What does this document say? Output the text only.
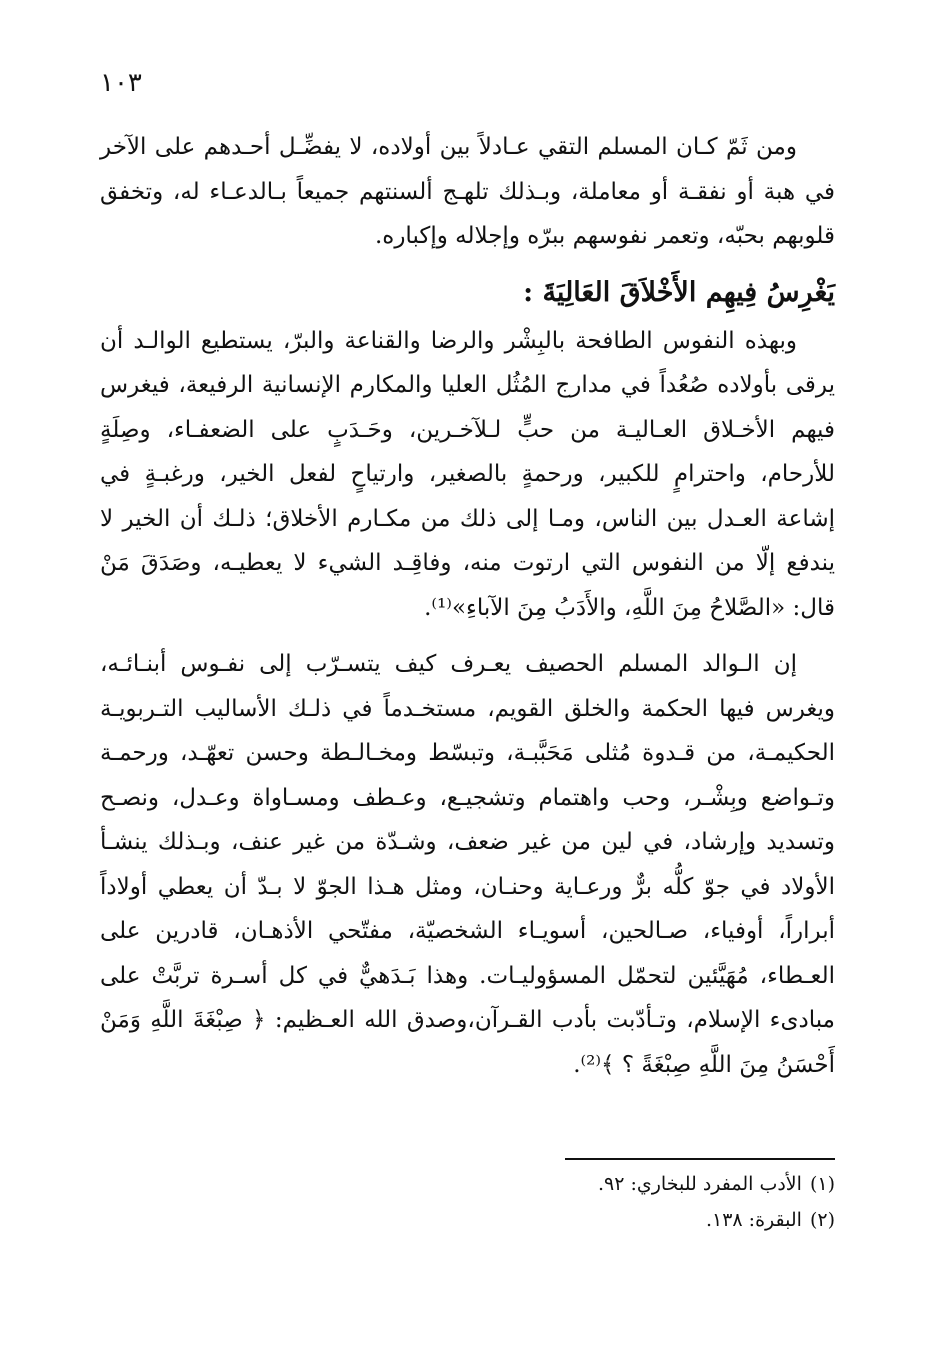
١٠٣

ومن ثَمّ كـان المسلم التقي عـادلاً بين أولاده، لا يفضِّـل أحـدهم على الآخر في هبة أو نفقـة أو معاملة، وبـذلك تلهـج ألسنتهم جميعاً بـالدعـاء له، وتخفق قلوبهم بحبّه، وتعمر نفوسهم ببرّه وإجلاله وإكباره.

يَغْرِسُ فِيهِم الأَخْلاَقَ العَالِيَةَ :

وبهذه النفوس الطافحة بالبِشْر والرضا والقناعة والبرّ، يستطيع الوالـد أن يرقى بأولاده صُعُداً في مدارج المُثُل العليا والمكارم الإنسانية الرفيعة، فيغرس فيهم الأخـلاق العـاليـة من حبٍّ لـلآخـرين، وحَـدَبٍ على الضعفـاء، وصِلَةٍ للأرحام، واحترامٍ للكبير، ورحمةٍ بالصغير، وارتياحٍ لفعل الخير، ورغبـةٍ في إشاعة العـدل بين الناس، ومـا إلى ذلك من مكـارم الأخلاق؛ ذلـك أن الخير لا يندفع إلّا من النفوس التي ارتوت منه، وفاقِـد الشيء لا يعطيـه، وصَدَقَ مَنْ قال: «الصَّلاحُ مِنَ اللَّهِ، والأَدَبُ مِنَ الآباءِ»⁽¹⁾.

إن الـوالد المسلم الحصيف يعـرف كيف يتسـرّب إلى نفـوس أبنـائـه، ويغرس فيها الحكمة والخلق القويم، مستخـدماً في ذلـك الأساليب التـربويـة الحكيمـة، من قـدوة مُثلى مَحَبَّبـة، وتبسّط ومخـالـطة وحسن تعهّـد، ورحمـة وتـواضع وبِشْـر، وحب واهتمام وتشجيـع، وعـطف ومسـاواة وعـدل، ونصـح وتسديد وإرشاد، في لين من غير ضعف، وشـدّة من غير عنف، وبـذلك ينشـأ الأولاد في جوّ كلُّه برٌّ ورعـاية وحنـان، ومثل هـذا الجوّ لا بـدّ أن يعطي أولاداً أبراراً، أوفياء، صـالحين، أسويـاء الشخصيّة، مفتّحي الأذهـان، قادرين على العـطاء، مُهَيَّئين لتحمّل المسؤوليـات. وهذا بَـدَهيٌّ في كل أسـرة تربَّتْ على مبادىء الإسلام، وتـأدّبت بأدب القـرآن،وصدق الله العـظيم: ﴿ صِبْغَةَ اللَّهِ وَمَنْ أَحْسَنُ مِنَ اللَّهِ صِبْغَةً ؟ ﴾⁽²⁾.

(١)الأدب المفرد للبخاري: ٩٢.

(٢)البقرة: ١٣٨.
